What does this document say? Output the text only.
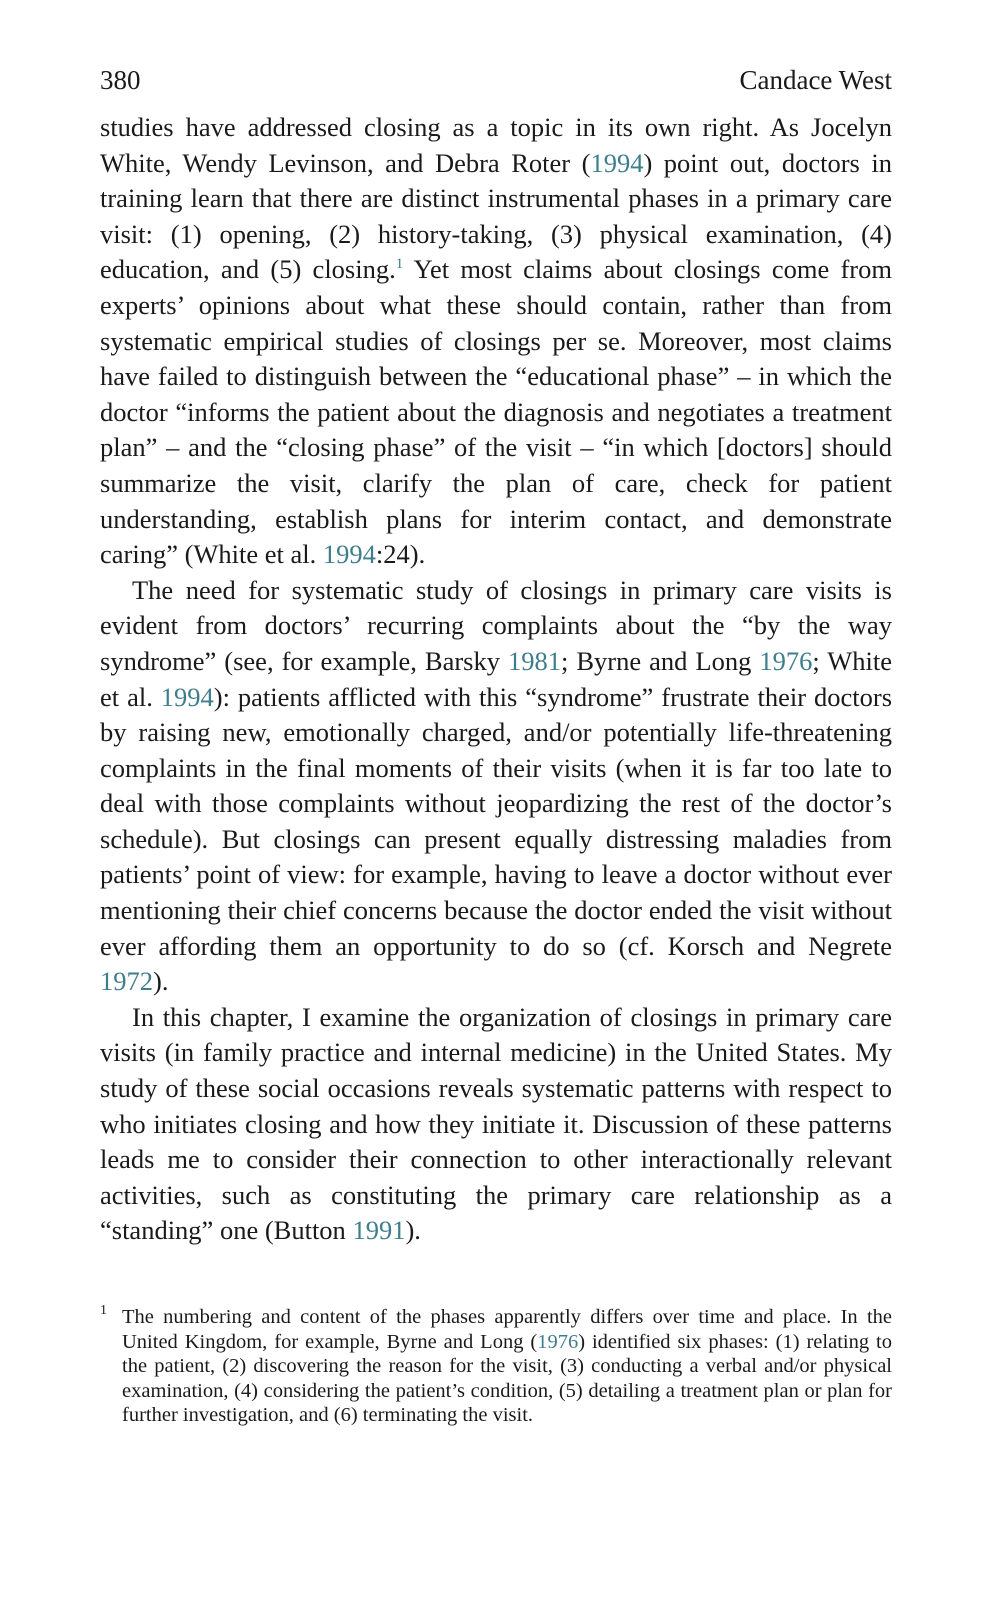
380	Candace West

studies have addressed closing as a topic in its own right. As Jocelyn White, Wendy Levinson, and Debra Roter (1994) point out, doctors in training learn that there are distinct instrumental phases in a primary care visit: (1) opening, (2) history-taking, (3) physical examination, (4) education, and (5) closing.$^1$ Yet most claims about closings come from experts’ opinions about what these should contain, rather than from systematic empirical studies of closings per se. Moreover, most claims have failed to distinguish between the “educational phase” – in which the doctor “informs the patient about the diagnosis and negotiates a treatment plan” – and the “closing phase” of the visit – “in which [doctors] should summarize the visit, clarify the plan of care, check for patient understanding, establish plans for interim contact, and demonstrate caring” (White et al. 1994:24).

The need for systematic study of closings in primary care visits is evident from doctors’ recurring complaints about the “by the way syndrome” (see, for example, Barsky 1981; Byrne and Long 1976; White et al. 1994): patients afflicted with this “syndrome” frustrate their doctors by raising new, emotionally charged, and/or potentially life-threatening complaints in the final moments of their visits (when it is far too late to deal with those complaints without jeopardizing the rest of the doctor’s schedule). But closings can present equally distressing maladies from patients’ point of view: for example, having to leave a doctor without ever mentioning their chief concerns because the doctor ended the visit without ever affording them an opportunity to do so (cf. Korsch and Negrete 1972).

In this chapter, I examine the organization of closings in primary care visits (in family practice and internal medicine) in the United States. My study of these social occasions reveals systematic patterns with respect to who initiates closing and how they initiate it. Discussion of these patterns leads me to consider their connection to other interactionally relevant activities, such as constituting the primary care relationship as a “standing” one (Button 1991).

1 The numbering and content of the phases apparently differs over time and place. In the United Kingdom, for example, Byrne and Long (1976) identified six phases: (1) relating to the patient, (2) discovering the reason for the visit, (3) conducting a verbal and/or physical examination, (4) considering the patient’s condition, (5) detailing a treatment plan or plan for further investigation, and (6) terminating the visit.
